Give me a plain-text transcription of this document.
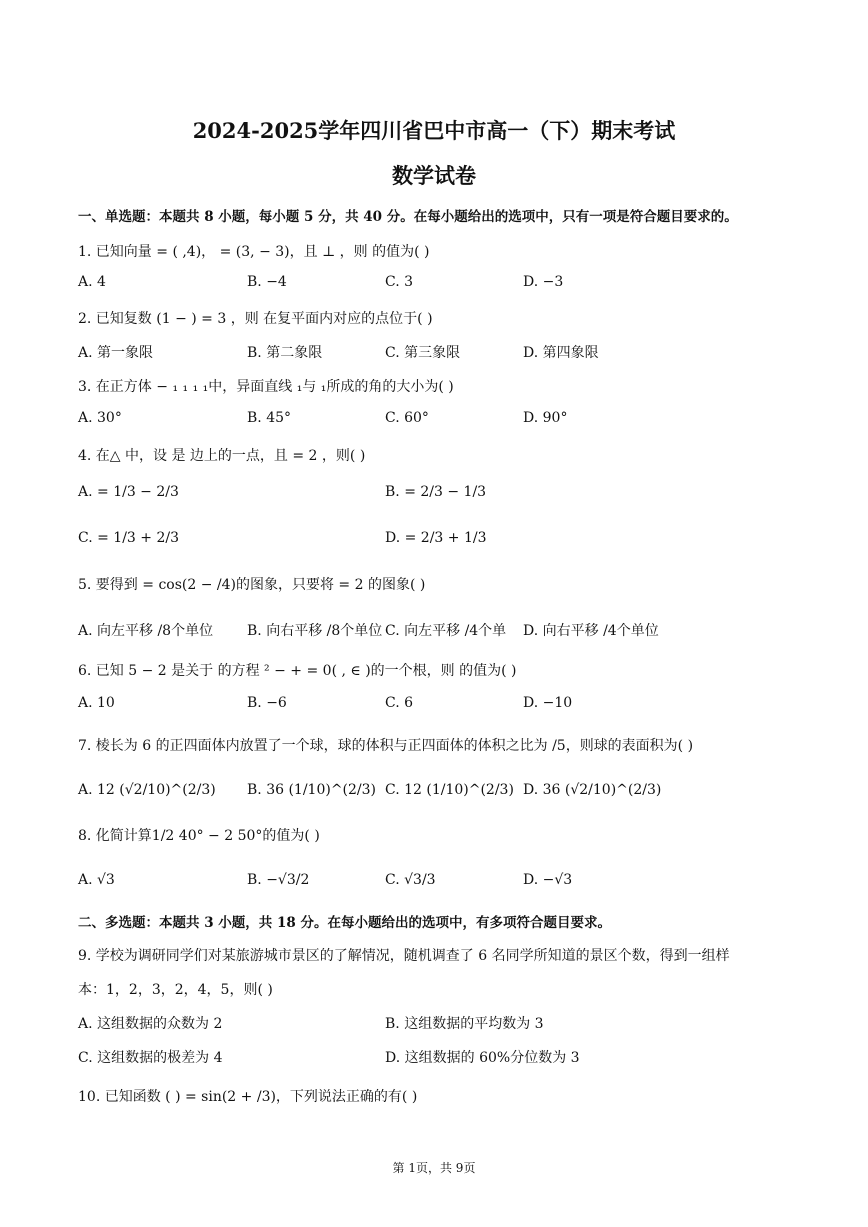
2024-2025学年四川省巴中市高一（下）期末考试
数学试卷
一、单选题：本题共 8 小题，每小题 5 分，共 40 分。在每小题给出的选项中，只有一项是符合题目要求的。
1. 已知向量 = ( ,4)， = (3, − 3)，且 ⊥ ，则 的值为( )
A. 4	B. −4	C. 3	D. −3
2. 已知复数 (1 − ) = 3 ，则 在复平面内对应的点位于( )
A. 第一象限	B. 第二象限	C. 第三象限	D. 第四象限
3. 在正方体 − ₁ ₁ ₁ ₁中，异面直线 ₁与 ₁所成的角的大小为( )
A. 30°	B. 45°	C. 60°	D. 90°
4. 在△ 中，设 是 边上的一点，且 = 2 ，则( )
A. = 1/3 − 2/3	B. = 2/3 − 1/3
C. = 1/3 + 2/3	D. = 2/3 + 1/3
5. 要得到 = cos(2 − /4)的图象，只要将 = 2 的图象( )
A. 向左平移 /8个单位 B. 向右平移 /8个单位 C. 向左平移 /4个单 D. 向右平移 /4个单位
6. 已知 5 − 2 是关于 的方程 ² − + = 0( , ∈ )的一个根，则 的值为( )
A. 10	B. −6	C. 6	D. −10
7. 棱长为 6 的正四面体内放置了一个球，球的体积与正四面体的体积之比为 /5，则球的表面积为( )
A. 12 (√2/10)^(2/3) B. 36 (1/10)^(2/3) C. 12 (1/10)^(2/3) D. 36 (√2/10)^(2/3)
8. 化简计算1/2 40° − 2 50°的值为( )
A. √3	B. −√3/2	C. √3/3	D. −√3
二、多选题：本题共 3 小题，共 18 分。在每小题给出的选项中，有多项符合题目要求。
9. 学校为调研同学们对某旅游城市景区的了解情况，随机调查了 6 名同学所知道的景区个数，得到一组样
本：1，2，3，2，4，5，则( )
A. 这组数据的众数为 2	B. 这组数据的平均数为 3
C. 这组数据的极差为 4	D. 这组数据的 60%分位数为 3
10. 已知函数 ( ) = sin(2 + /3)，下列说法正确的有( )
第 1页，共 9页
